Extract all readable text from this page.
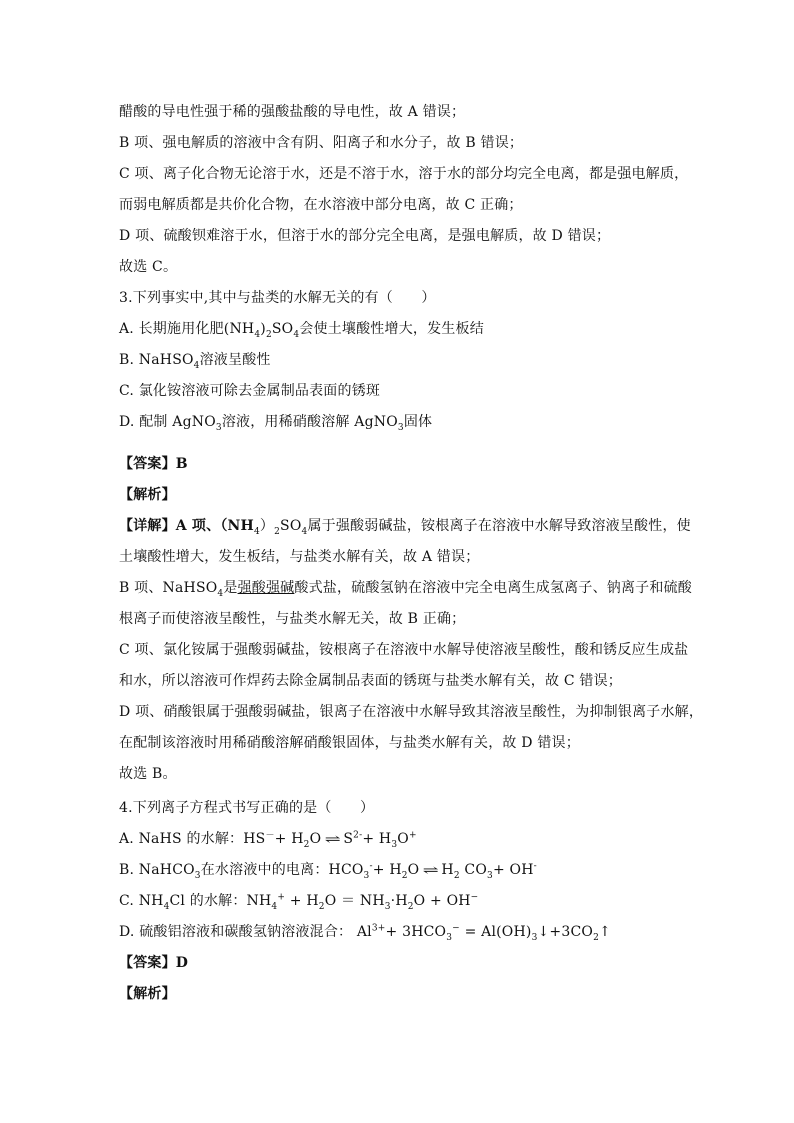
醋酸的导电性强于稀的强酸盐酸的导电性，故 A 错误；
B 项、强电解质的溶液中含有阴、阳离子和水分子，故 B 错误；
C 项、离子化合物无论溶于水，还是不溶于水，溶于水的部分均完全电离，都是强电解质，
而弱电解质都是共价化合物，在水溶液中部分电离，故 C 正确；
D 项、硫酸钡难溶于水，但溶于水的部分完全电离，是强电解质，故 D 错误；
故选 C。
3.下列事实中,其中与盐类的水解无关的有（　　）
A. 长期施用化肥$(NH_4)_2SO_4$会使土壤酸性增大，发生板结
B. NaHSO$_4$溶液呈酸性
C. 氯化铵溶液可除去金属制品表面的锈斑
D. 配制 AgNO$_3$溶液，用稀硝酸溶解 AgNO$_3$固体
【答案】B
【解析】
【详解】A 项、$(NH_4)_2SO_4$属于强酸弱碱盐，铵根离子在溶液中水解导致溶液呈酸性，使
土壤酸性增大，发生板结，与盐类水解有关，故 A 错误；
B 项、NaHSO$_4$是强酸强碱酸式盐，硫酸氢钠在溶液中完全电离生成氢离子、钠离子和硫酸
根离子而使溶液呈酸性，与盐类水解无关，故 B 正确；
C 项、氯化铵属于强酸弱碱盐，铵根离子在溶液中水解导使溶液呈酸性，酸和锈反应生成盐
和水，所以溶液可作焊药去除金属制品表面的锈斑与盐类水解有关，故 C 错误；
D 项、硝酸银属于强酸弱碱盐，银离子在溶液中水解导致其溶液呈酸性，为抑制银离子水解，
在配制该溶液时用稀硝酸溶解硝酸银固体，与盐类水解有关，故 D 错误；
故选 B。
4.下列离子方程式书写正确的是（　　）
A. NaHS 的水解：$HS^-+ H_2O$ ⇌ $S^{2-}+ H_3O^+$
B. NaHCO$_3$在水溶液中的电离：$HCO_3^-+ H_2O$ ⇌ $H_2$ $CO_3+ OH^-$
C. $NH_4Cl$ 的水解：$NH_4^+ + H_2O = NH_3\cdot H_2O + OH^-$
D. 硫酸铝溶液和碳酸氢钠溶液混合： $Al^{3+}+ 3HCO_3^-$ = $Al(OH)_3↓+3CO_2↑$
【答案】D
【解析】
